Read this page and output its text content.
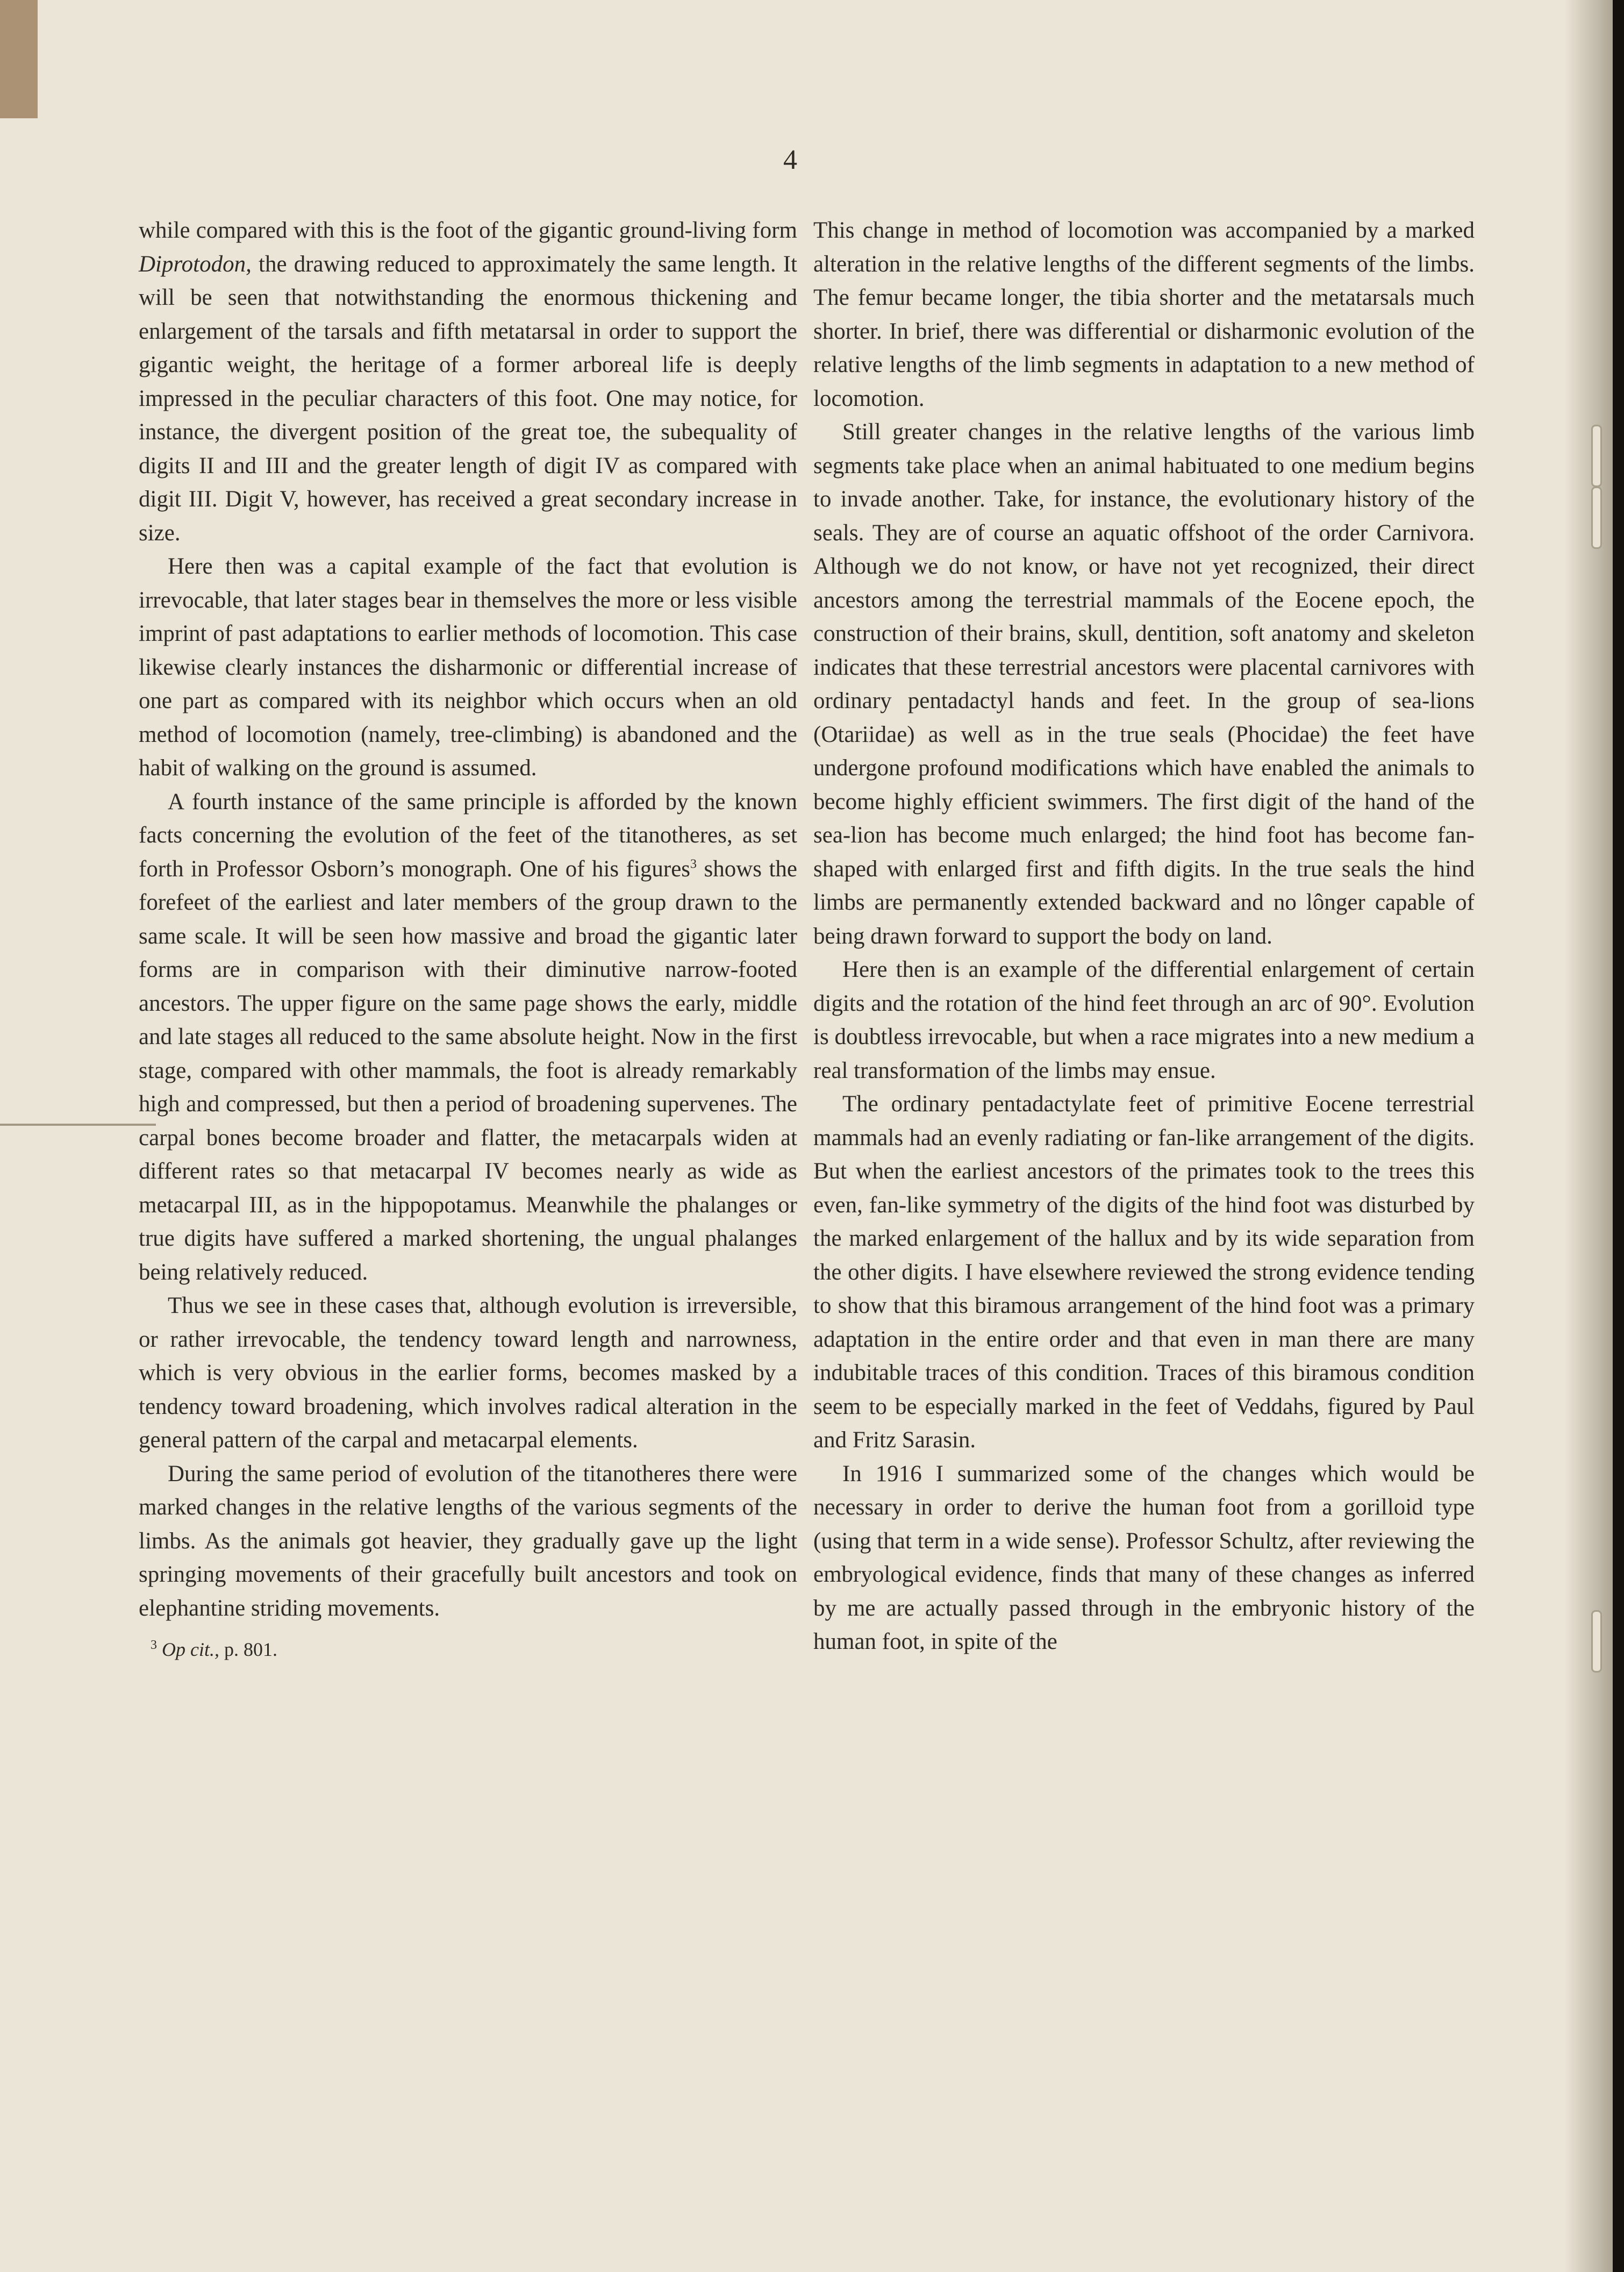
4

while compared with this is the foot of the gigantic ground-living form Diprotodon, the drawing reduced to approximately the same length. It will be seen that notwithstanding the enormous thickening and enlargement of the tarsals and fifth metatarsal in order to support the gigantic weight, the heritage of a former arboreal life is deeply impressed in the peculiar characters of this foot. One may notice, for instance, the divergent position of the great toe, the subequality of digits II and III and the greater length of digit IV as compared with digit III. Digit V, however, has received a great secondary increase in size.

Here then was a capital example of the fact that evolution is irrevocable, that later stages bear in themselves the more or less visible imprint of past adaptations to earlier methods of locomotion. This case likewise clearly instances the disharmonic or differential increase of one part as compared with its neighbor which occurs when an old method of locomotion (namely, tree-climbing) is abandoned and the habit of walking on the ground is assumed.

A fourth instance of the same principle is afforded by the known facts concerning the evolution of the feet of the titanotheres, as set forth in Professor Osborn’s monograph. One of his figures$^3$ shows the forefeet of the earliest and later members of the group drawn to the same scale. It will be seen how massive and broad the gigantic later forms are in comparison with their diminutive narrow-footed ancestors. The upper figure on the same page shows the early, middle and late stages all reduced to the same absolute height. Now in the first stage, compared with other mammals, the foot is already remarkably high and compressed, but then a period of broadening supervenes. The carpal bones become broader and flatter, the metacarpals widen at different rates so that metacarpal IV becomes nearly as wide as metacarpal III, as in the hippopotamus. Meanwhile the phalanges or true digits have suffered a marked shortening, the ungual phalanges being relatively reduced.

Thus we see in these cases that, although evolution is irreversible, or rather irrevocable, the tendency toward length and narrowness, which is very obvious in the earlier forms, becomes masked by a tendency toward broadening, which involves radical alteration in the general pattern of the carpal and metacarpal elements.

During the same period of evolution of the titanotheres there were marked changes in the relative lengths of the various segments of the limbs. As the animals got heavier, they gradually gave up the light springing movements of their gracefully built ancestors and took on elephantine striding movements.

$^3$ Op cit., p. 801.

This change in method of locomotion was accompanied by a marked alteration in the relative lengths of the different segments of the limbs. The femur became longer, the tibia shorter and the metatarsals much shorter. In brief, there was differential or disharmonic evolution of the relative lengths of the limb segments in adaptation to a new method of locomotion.

Still greater changes in the relative lengths of the various limb segments take place when an animal habituated to one medium begins to invade another. Take, for instance, the evolutionary history of the seals. They are of course an aquatic offshoot of the order Carnivora. Although we do not know, or have not yet recognized, their direct ancestors among the terrestrial mammals of the Eocene epoch, the construction of their brains, skull, dentition, soft anatomy and skeleton indicates that these terrestrial ancestors were placental carnivores with ordinary pentadactyl hands and feet. In the group of sea-lions (Otariidae) as well as in the true seals (Phocidae) the feet have undergone profound modifications which have enabled the animals to become highly efficient swimmers. The first digit of the hand of the sea-lion has become much enlarged; the hind foot has become fan-shaped with enlarged first and fifth digits. In the true seals the hind limbs are permanently extended backward and no lônger capable of being drawn forward to support the body on land.

Here then is an example of the differential enlargement of certain digits and the rotation of the hind feet through an arc of 90°. Evolution is doubtless irrevocable, but when a race migrates into a new medium a real transformation of the limbs may ensue.

The ordinary pentadactylate feet of primitive Eocene terrestrial mammals had an evenly radiating or fan-like arrangement of the digits. But when the earliest ancestors of the primates took to the trees this even, fan-like symmetry of the digits of the hind foot was disturbed by the marked enlargement of the hallux and by its wide separation from the other digits. I have elsewhere reviewed the strong evidence tending to show that this biramous arrangement of the hind foot was a primary adaptation in the entire order and that even in man there are many indubitable traces of this condition. Traces of this biramous condition seem to be especially marked in the feet of Veddahs, figured by Paul and Fritz Sarasin.

In 1916 I summarized some of the changes which would be necessary in order to derive the human foot from a gorilloid type (using that term in a wide sense). Professor Schultz, after reviewing the embryological evidence, finds that many of these changes as inferred by me are actually passed through in the embryonic history of the human foot, in spite of the
